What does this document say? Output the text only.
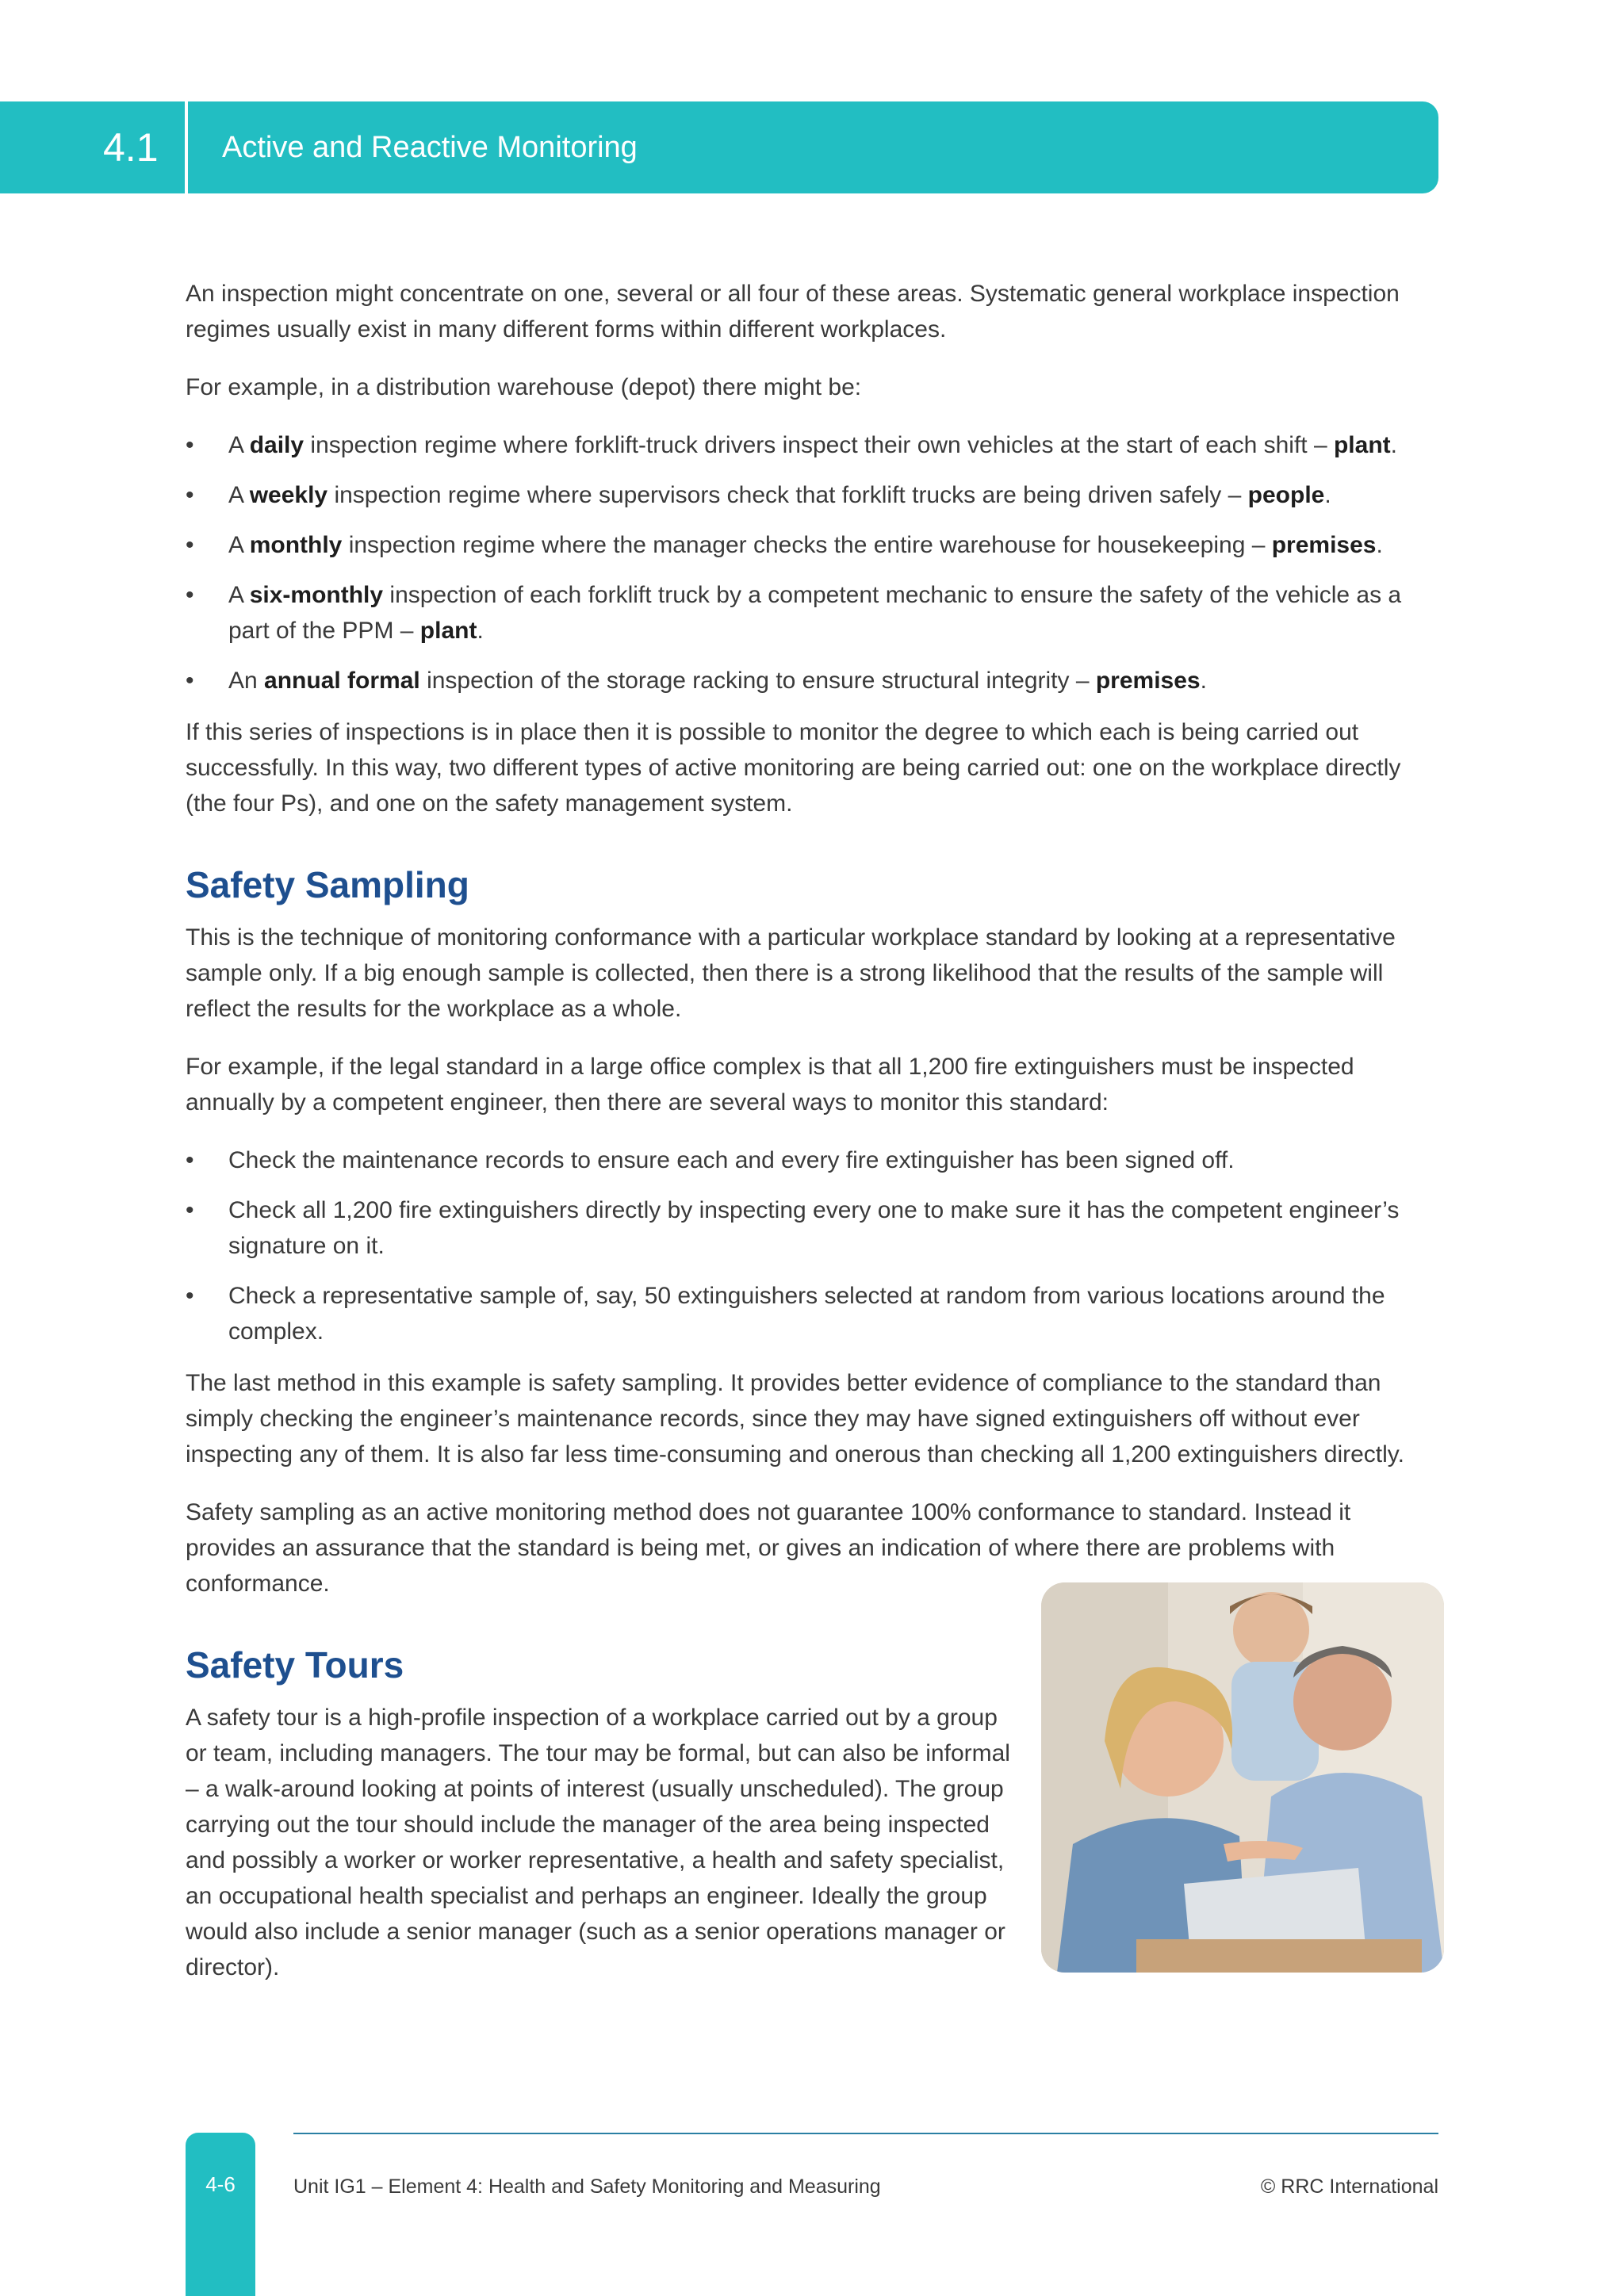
4.1 Active and Reactive Monitoring

An inspection might concentrate on one, several or all four of these areas. Systematic general workplace inspection regimes usually exist in many different forms within different workplaces.

For example, in a distribution warehouse (depot) there might be:

• A daily inspection regime where forklift-truck drivers inspect their own vehicles at the start of each shift – plant.
• A weekly inspection regime where supervisors check that forklift trucks are being driven safely – people.
• A monthly inspection regime where the manager checks the entire warehouse for housekeeping – premises.
• A six-monthly inspection of each forklift truck by a competent mechanic to ensure the safety of the vehicle as a part of the PPM – plant.
• An annual formal inspection of the storage racking to ensure structural integrity – premises.

If this series of inspections is in place then it is possible to monitor the degree to which each is being carried out successfully. In this way, two different types of active monitoring are being carried out: one on the workplace directly (the four Ps), and one on the safety management system.

Safety Sampling

This is the technique of monitoring conformance with a particular workplace standard by looking at a representative sample only. If a big enough sample is collected, then there is a strong likelihood that the results of the sample will reflect the results for the workplace as a whole.

For example, if the legal standard in a large office complex is that all 1,200 fire extinguishers must be inspected annually by a competent engineer, then there are several ways to monitor this standard:

• Check the maintenance records to ensure each and every fire extinguisher has been signed off.
• Check all 1,200 fire extinguishers directly by inspecting every one to make sure it has the competent engineer’s signature on it.
• Check a representative sample of, say, 50 extinguishers selected at random from various locations around the complex.

The last method in this example is safety sampling. It provides better evidence of compliance to the standard than simply checking the engineer’s maintenance records, since they may have signed extinguishers off without ever inspecting any of them. It is also far less time-consuming and onerous than checking all 1,200 extinguishers directly.

Safety sampling as an active monitoring method does not guarantee 100% conformance to standard. Instead it provides an assurance that the standard is being met, or gives an indication of where there are problems with conformance.

Safety Tours

A safety tour is a high-profile inspection of a workplace carried out by a group or team, including managers. The tour may be formal, but can also be informal – a walk-around looking at points of interest (usually unscheduled). The group carrying out the tour should include the manager of the area being inspected and possibly a worker or worker representative, a health and safety specialist, an occupational health specialist and perhaps an engineer. Ideally the group would also include a senior manager (such as a senior operations manager or director).

4-6	Unit IG1 – Element 4: Health and Safety Monitoring and Measuring	© RRC International
